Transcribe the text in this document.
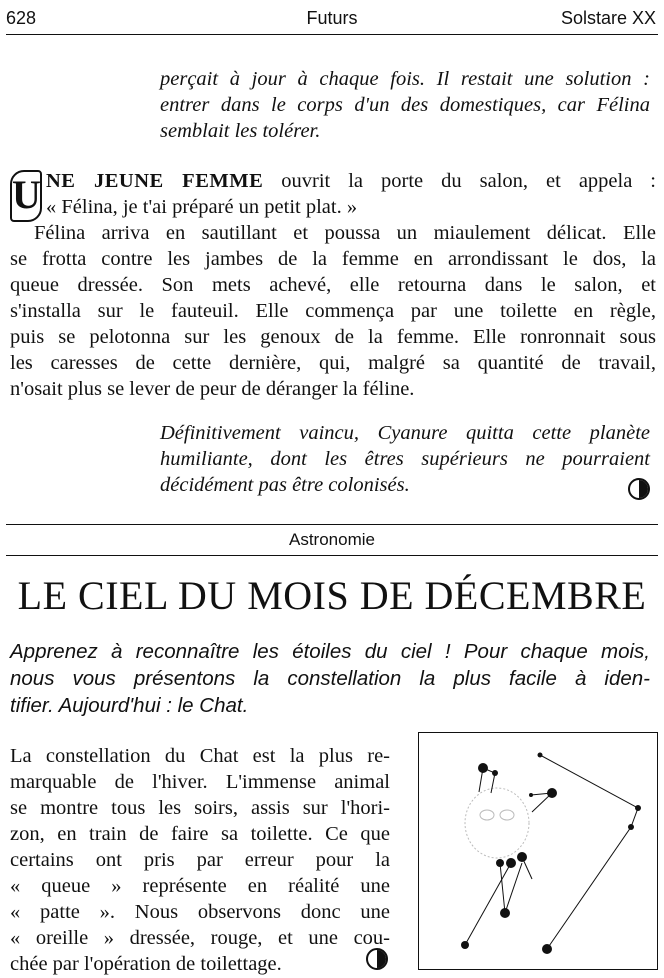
628	Futurs	Solstare XX
perçait à jour à chaque fois. Il restait une solution :
entrer dans le corps d'un des domestiques, car Félina
semblait les tolérer.
U NE JEUNE FEMME ouvrit la porte du salon, et appela :
« Félina, je t'ai préparé un petit plat. »
Félina arriva en sautillant et poussa un miaulement délicat. Elle
se frotta contre les jambes de la femme en arrondissant le dos, la
queue dressée. Son mets achevé, elle retourna dans le salon, et
s'installa sur le fauteuil. Elle commença par une toilette en règle,
puis se pelotonna sur les genoux de la femme. Elle ronronnait sous
les caresses de cette dernière, qui, malgré sa quantité de travail,
n'osait plus se lever de peur de déranger la féline.
Définitivement vaincu, Cyanure quitta cette planète
humiliante, dont les êtres supérieurs ne pourraient
décidément pas être colonisés.
Astronomie
LE CIEL DU MOIS DE DÉCEMBRE
Apprenez à reconnaître les étoiles du ciel ! Pour chaque mois,
nous vous présentons la constellation la plus facile à iden-
tifier. Aujourd'hui : le Chat.
La constellation du Chat est la plus re-
marquable de l'hiver. L'immense animal
se montre tous les soirs, assis sur l'hori-
zon, en train de faire sa toilette. Ce que
certains ont pris par erreur pour la
« queue » représente en réalité une
« patte ». Nous observons donc une
« oreille » dressée, rouge, et une cou-
chée par l'opération de toilettage.
